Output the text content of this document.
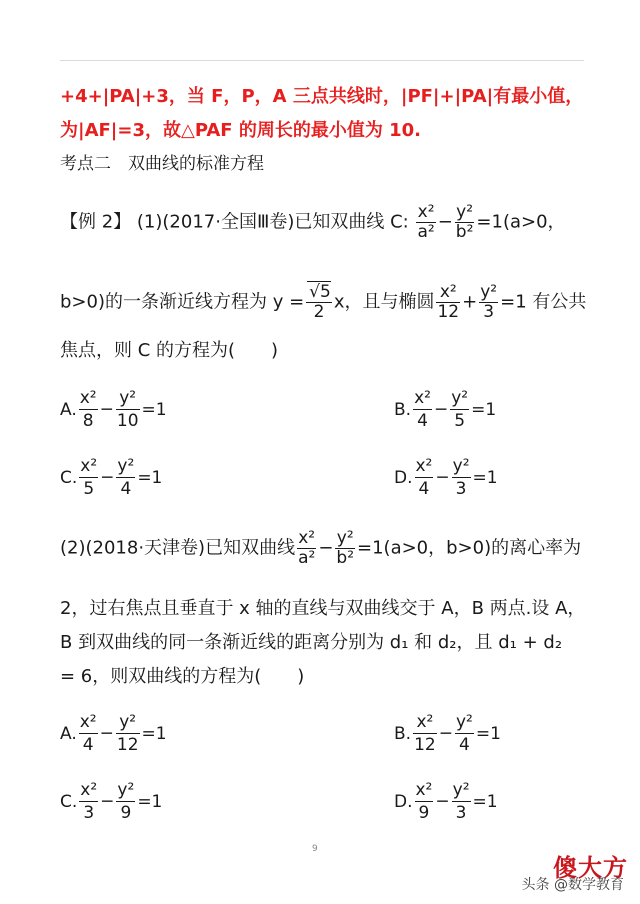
+4+|PA|+3，当 F，P，A 三点共线时，|PF|+|PA|有最小值，
为|AF|=3，故△PAF 的周长的最小值为 10.
考点二　双曲线的标准方程
【例 2】 (1)(2017·全国Ⅲ卷)已知双曲线 C: $\frac{\text{x²}}{\text{a²}} - \frac{\text{y²}}{\text{b²}} =1(a>0$，
b>0)的一条渐近线方程为 $y = \frac{√5}{2}$ x，且与椭圆 $\frac{\text{x²}}{12} + \frac{\text{y²}}{3} =1$ 有公共
焦点，则 C 的方程为(　　)
A. $\frac{\text{x²}}{8} - \frac{\text{y²}}{10} =1$	B. $\frac{\text{x²}}{4} - \frac{\text{y²}}{5} =1$
C. $\frac{\text{x²}}{5} - \frac{\text{y²}}{4} =1$	D. $\frac{\text{x²}}{4} - \frac{\text{y²}}{3} =1$
(2)(2018·天津卷)已知双曲线 $\frac{\text{x²}}{\text{a²}} - \frac{\text{y²}}{\text{b²}} =1(a>0$，b>0)的离心率为
2，过右焦点且垂直于 x 轴的直线与双曲线交于 A，B 两点.设 A，
B 到双曲线的同一条渐近线的距离分别为 d₁ 和 d₂，且 d₁ + d₂
= 6，则双曲线的方程为(　　)
A. $\frac{\text{x²}}{4} - \frac{\text{y²}}{12} =1$	B. $\frac{\text{x²}}{12} - \frac{\text{y²}}{4} =1$
C. $\frac{\text{x²}}{3} - \frac{\text{y²}}{9} =1$	D. $\frac{\text{x²}}{9} - \frac{\text{y²}}{3} =1$
9
傻大方
头条 @数学教育
